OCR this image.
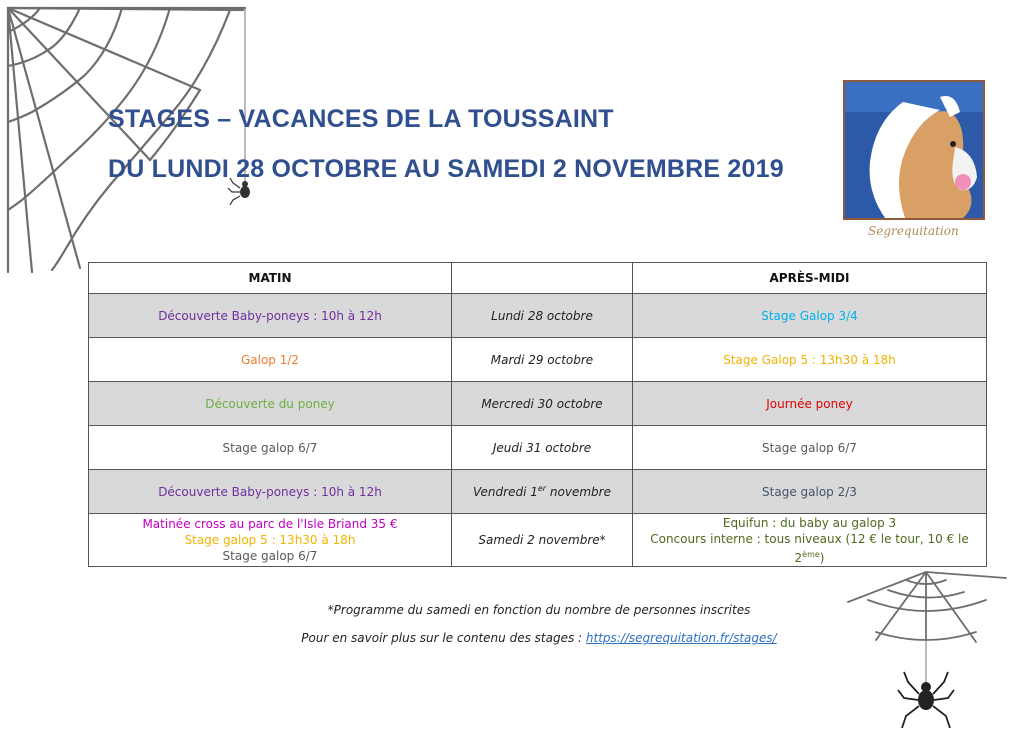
STAGES – VACANCES DE LA TOUSSAINT
DU LUNDI 28 OCTOBRE AU SAMEDI 2 NOVEMBRE 2019
Segrequitation
MATIN		APRÈS-MIDI

Découverte Baby-poneys : 10h à 12h	Lundi 28 octobre	Stage Galop 3/4

Galop 1/2	Mardi 29 octobre	Stage Galop 5 : 13h30 à 18h

Découverte du poney	Mercredi 30 octobre	Journée poney

Stage galop 6/7	Jeudi 31 octobre	Stage galop 6/7

Découverte Baby-poneys : 10h à 12h	Vendredi 1er novembre	Stage galop 2/3

Matinée cross au parc de l'Isle Briand 35 €
Stage galop 5 : 13h30 à 18h
Stage galop 6/7	Samedi 2 novembre*	Equifun : du baby au galop 3
Concours interne : tous niveaux (12 € le tour, 10 € le 2ème)
*Programme du samedi en fonction du nombre de personnes inscrites
Pour en savoir plus sur le contenu des stages : https://segrequitation.fr/stages/
